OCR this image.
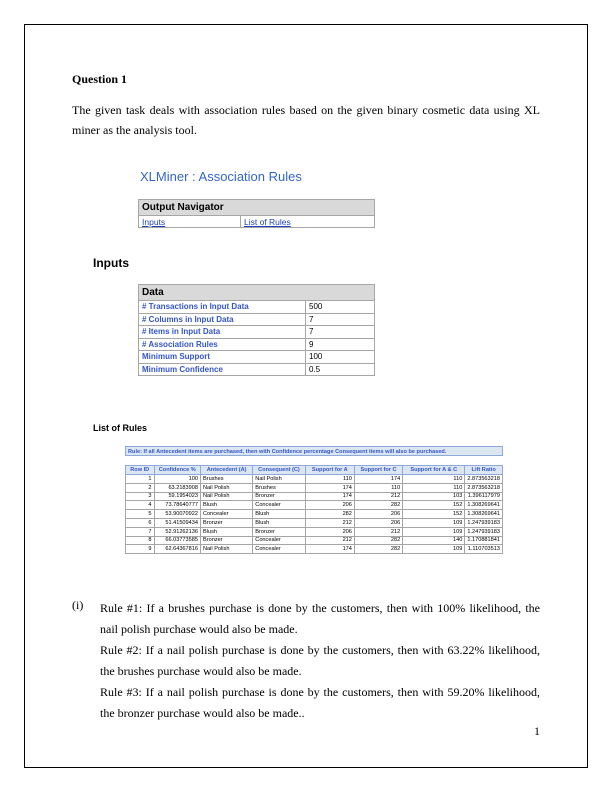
Question 1
The given task deals with association rules based on the given binary cosmetic data using XL miner as the analysis tool.
XLMiner : Association Rules
Output Navigator
Inputs	List of Rules
Inputs
Data	
# Transactions in Input Data	500
# Columns in Input Data	7
# Items in Input Data	7
# Association Rules	9
Minimum Support	100
Minimum Confidence	0.5
List of Rules
Rule: If all Antecedent items are purchased, then with Confidence percentage Consequent items will also be purchased.
Row ID	Confidence %	Antecedent (A)	Consequent (C)	Support for A	Support for C	Support for A & C	Lift Ratio
1	100	Brushes	Nail Polish	110	174	110	2.873563218
2	63.2183908	Nail Polish	Brushes	174	110	110	2.873563218
3	59.1954023	Nail Polish	Bronzer	174	212	103	1.396117979
4	73.78640777	Blush	Concealer	206	282	152	1.308269641
5	53.90070922	Concealer	Blush	282	206	152	1.308269641
6	51.41509434	Bronzer	Blush	212	206	109	1.247939183
7	52.91262136	Blush	Bronzer	206	212	109	1.247939183
8	66.03773585	Bronzer	Concealer	212	282	140	1.170881841
9	62.64367816	Nail Polish	Concealer	174	282	109	1.110703513
(i) Rule #1: If a brushes purchase is done by the customers, then with 100% likelihood, the nail polish purchase would also be made.

Rule #2: If a nail polish purchase is done by the customers, then with 63.22% likelihood, the brushes purchase would also be made.

Rule #3: If a nail polish purchase is done by the customers, then with 59.20% likelihood, the bronzer purchase would also be made..

1
